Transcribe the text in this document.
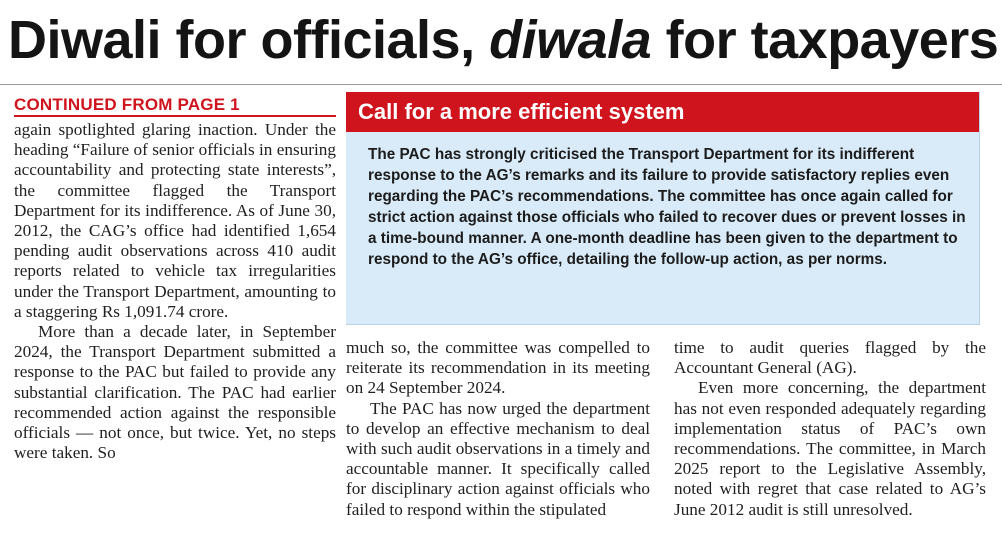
Diwali for officials, diwala for taxpayers
CONTINUED FROM PAGE 1

again spotlighted glaring inaction. Under the heading “Failure of senior officials in ensuring accountability and protecting state interests”, the committee flagged the Transport Department for its indifference. As of June 30, 2012, the CAG’s office had identified 1,654 pending audit observations across 410 audit reports related to vehicle tax irregularities under the Transport Department, amounting to a staggering Rs 1,091.74 crore.

More than a decade later, in September 2024, the Transport Department submitted a response to the PAC but failed to provide any substantial clarification. The PAC had earlier recommended action against the responsible officials — not once, but twice. Yet, no steps were taken. So

Call for a more efficient system

The PAC has strongly criticised the Transport Department for its indifferent response to the AG’s remarks and its failure to provide satisfactory replies even regarding the PAC’s recommendations. The committee has once again called for strict action against those officials who failed to recover dues or prevent losses in a time-bound manner. A one-month deadline has been given to the department to respond to the AG’s office, detailing the follow-up action, as per norms.

much so, the committee was compelled to reiterate its recommendation in its meeting on 24 September 2024.

The PAC has now urged the department to develop an effective mechanism to deal with such audit observations in a timely and accountable manner. It specifically called for disciplinary action against officials who failed to respond within the stipulated

time to audit queries flagged by the Accountant General (AG).

Even more concerning, the department has not even responded adequately regarding implementation status of PAC’s own recommendations. The committee, in March 2025 report to the Legislative Assembly, noted with regret that case related to AG’s June 2012 audit is still unresolved.
